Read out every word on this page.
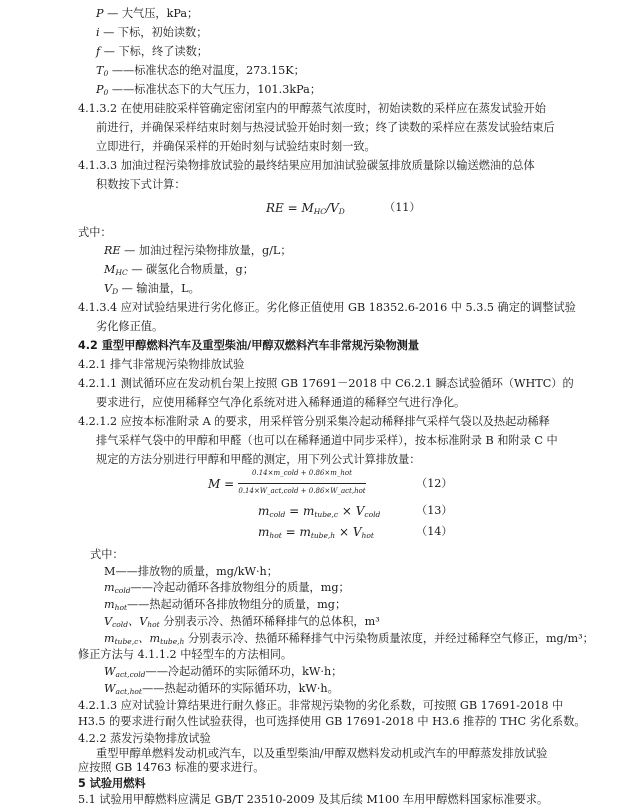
P — 大气压，kPa；
i — 下标，初始读数；
f — 下标，终了读数；
$T_0$ ——标准状态的绝对温度，273.15K；
$P_0$ ——标准状态下的大气压力，101.3kPa；
4.1.3.2 在使用硅胶采样管确定密闭室内的甲醇蒸气浓度时，初始读数的采样应在蒸发试验开始
前进行，并确保采样结束时刻与热浸试验开始时刻一致；终了读数的采样应在蒸发试验结束后
立即进行，并确保采样的开始时刻与试验结束时刻一致。
4.1.3.3 加油过程污染物排放试验的最终结果应用加油试验碳氢排放质量除以输送燃油的总体
积数按下式计算：
RE = $M_{HC}/V_D$	（11）
式中：
RE — 加油过程污染物排放量，g/L；
$M_{HC}$ — 碳氢化合物质量，g；
$V_D$ — 输油量，L。
4.1.3.4 应对试验结果进行劣化修正。劣化修正值使用 GB 18352.6-2016 中 5.3.5 确定的调整试验
劣化修正值。
4.2 重型甲醇燃料汽车及重型柴油/甲醇双燃料汽车非常规污染物测量
4.2.1 排气非常规污染物排放试验
4.2.1.1 测试循环应在发动机台架上按照 GB 17691－2018 中 C6.2.1 瞬态试验循环（WHTC）的
要求进行，应使用稀释空气净化系统对进入稀释通道的稀释空气进行净化。
4.2.1.2 应按本标准附录 A 的要求，用采样管分别采集冷起动稀释排气采样气袋以及热起动稀释
排气采样气袋中的甲醇和甲醛（也可以在稀释通道中同步采样），按本标准附录 B 和附录 C 中
规定的方法分别进行甲醇和甲醛的测定，用下列公式计算排放量：
M =
0.14×m_cold + 0.86×m_hot
0.14×W_act,cold + 0.86×W_act,hot
（12）
$m_{cold} = m_{tube,c} \times V_{cold}$	（13）
$m_{hot} = m_{tube,h} \times V_{hot}$	（14）
式中：
M——排放物的质量，mg/kW·h；
$m_{cold}——$冷起动循环各排放物组分的质量，mg；
$m_{hot}——$热起动循环各排放物组分的质量，mg；
$V_{cold}$、$V_{hot}$ 分别表示冷、热循环稀释排气的总体积，m³
$m_{tube,c}$、$m_{tube,h}$ 分别表示冷、热循环稀释排气中污染物质量浓度，并经过稀释空气修正，mg/m³；
修正方法与 4.1.1.2 中轻型车的方法相同。
$W_{act,cold}——$冷起动循环的实际循环功，kW·h；
$W_{act,hot}——$热起动循环的实际循环功，kW·h。
4.2.1.3 应对试验计算结果进行耐久修正。非常规污染物的劣化系数，可按照 GB 17691-2018 中
H3.5 的要求进行耐久性试验获得，也可选择使用 GB 17691-2018 中 H3.6 推荐的 THC 劣化系数。
4.2.2 蒸发污染物排放试验
重型甲醇单燃料发动机或汽车，以及重型柴油/甲醇双燃料发动机或汽车的甲醇蒸发排放试验
应按照 GB 14763 标准的要求进行。
5 试验用燃料
5.1 试验用甲醇燃料应满足 GB/T 23510-2009 及其后续 M100 车用甲醇燃料国家标准要求。
